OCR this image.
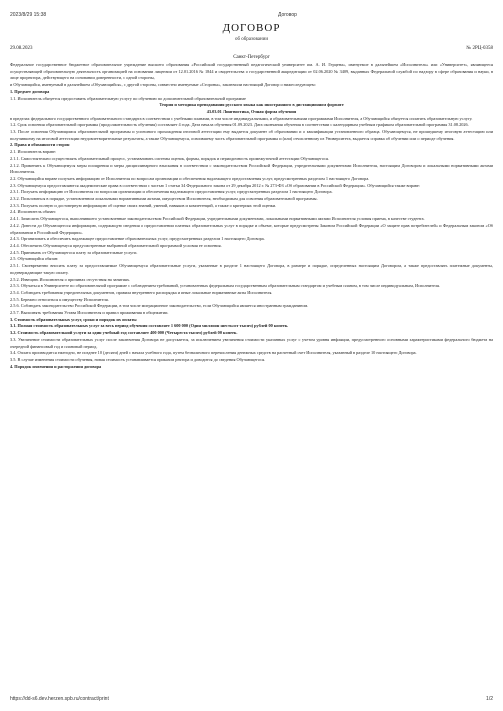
2023/8/29 15:38	Договор
ДОГОВОР
об образовании
29.08.2023	№ 2РЦ-0358
Санкт-Петербург

Федеральное государственное бюджетное образовательное учреждение высшего образования «Российский государственный педагогический университет им. А. И. Герцена», именуемое в дальнейшем «Исполнитель» или «Университет», являющееся осуществляющей образовательную деятельность организацией на основании лицензии от 12.01.2016 № 1844 и свидетельства о государственной аккредитации от 02.06.2020 № 3409, выданных Федеральной службой по надзору в сфере образования и науки, в лице проректора, действующего на основании доверенности, с одной стороны,

и Обучающийся, именуемый в дальнейшем «Обучающийся», с другой стороны, совместно именуемые «Стороны», заключили настоящий Договор о нижеследующем:

1. Предмет договора

1.1. Исполнитель обязуется предоставить образовательную услугу по обучению по дополнительной образовательной программе

Теория и методика преподавания русского языка как иностранного в дистанционном формате

43.03.01 Лингвистика, Очная форма обучения

в пределах федерального государственного образовательного стандарта в соответствии с учебными планами, в том числе индивидуальными, и образовательными программами Исполнителя, а Обучающийся обязуется оплатить образовательную услугу.

1.2. Срок освоения образовательной программы (продолжительность обучения) составляет 4 года. Дата начала обучения 01.09.2023. Дата окончания обучения в соответствии с календарным учебным графиком образовательной программы 31.08.2026.

1.3. После освоения Обучающимся образовательной программы и успешного прохождения итоговой аттестации ему выдается документ об образовании и о квалификации установленного образца. Обучающемуся, не прошедшему итоговую аттестацию или получившему на итоговой аттестации неудовлетворительные результаты, а также Обучающемуся, освоившему часть образовательной программы и (или) отчисленному из Университета, выдается справка об обучении или о периоде обучения.

2. Права и обязанности сторон

2.1. Исполнитель вправе:

2.1.1. Самостоятельно осуществлять образовательный процесс, устанавливать системы оценок, формы, порядок и периодичность промежуточной аттестации Обучающегося.

2.1.2. Применять к Обучающемуся меры поощрения и меры дисциплинарного взыскания в соответствии с законодательством Российской Федерации, учредительными документами Исполнителя, настоящим Договором и локальными нормативными актами Исполнителя.

2.2. Обучающийся вправе получать информацию от Исполнителя по вопросам организации и обеспечения надлежащего предоставления услуг, предусмотренных разделом 1 настоящего Договора.

2.3. Обучающемуся предоставляются академические права в соответствии с частью 1 статьи 34 Федерального закона от 29 декабря 2012 г. № 273-ФЗ «Об образовании в Российской Федерации». Обучающийся также вправе:

2.3.1. Получать информацию от Исполнителя по вопросам организации и обеспечения надлежащего предоставления услуг, предусмотренных разделом 1 настоящего Договора.

2.3.2. Пользоваться в порядке, установленном локальными нормативными актами, имуществом Исполнителя, необходимым для освоения образовательной программы.

2.3.3. Получать полную и достоверную информацию об оценке своих знаний, умений, навыков и компетенций, а также о критериях этой оценки.

2.4. Исполнитель обязан:

2.4.1. Зачислить Обучающегося, выполнившего установленные законодательством Российской Федерации, учредительными документами, локальными нормативными актами Исполнителя условия приема, в качестве студента.

2.4.2. Довести до Обучающегося информацию, содержащую сведения о предоставлении платных образовательных услуг в порядке и объеме, которые предусмотрены Законом Российской Федерации «О защите прав потребителей» и Федеральным законом «Об образовании в Российской Федерации».

2.4.3. Организовать и обеспечить надлежащее предоставление образовательных услуг, предусмотренных разделом 1 настоящего Договора.

2.4.4. Обеспечить Обучающемуся предусмотренные выбранной образовательной программой условия ее освоения.

2.4.5. Принимать от Обучающегося плату за образовательные услуги.

2.5. Обучающийся обязан:

2.5.1. Своевременно вносить плату за предоставляемые Обучающемуся образовательные услуги, указанные в разделе 1 настоящего Договора, в размере и порядке, определенных настоящим Договором, а также предоставлять платежные документы, подтверждающие такую оплату.

2.5.2. Извещать Исполнителя о причинах отсутствия на занятиях.

2.5.3. Обучаться в Университете по образовательной программе с соблюдением требований, установленных федеральным государственным образовательным стандартом и учебным планом, в том числе индивидуальным, Исполнителя.

2.5.4. Соблюдать требования учредительных документов, правила внутреннего распорядка и иные локальные нормативные акты Исполнителя.

2.5.5. Бережно относиться к имуществу Исполнителя.

2.5.6. Соблюдать законодательство Российской Федерации, в том числе миграционное законодательство, если Обучающийся является иностранным гражданином.

2.5.7. Выполнять требования Устава Исполнителя и правил проживания в общежитии.

3. Стоимость образовательных услуг, сроки и порядок их оплаты

3.1. Полная стоимость образовательных услуг за весь период обучения составляет 1 600 000 (Один миллион шестьсот тысяч) рублей 00 копеек.

3.2. Стоимость образовательной услуги за один учебный год составляет 400 000 (Четыреста тысяч) рублей 00 копеек.

3.3. Увеличение стоимости образовательных услуг после заключения Договора не допускается, за исключением увеличения стоимости указанных услуг с учетом уровня инфляции, предусмотренного основными характеристиками федерального бюджета на очередной финансовый год и плановый период.

3.4. Оплата производится ежегодно, не позднее 10 (десяти) дней с начала учебного года, путем безналичного перечисления денежных средств на расчетный счет Исполнителя, указанный в разделе 10 настоящего Договора.

3.5. В случае изменения стоимости обучения, новая стоимость устанавливается приказом ректора и доводится до сведения Обучающегося.

4. Порядок изменения и расторжения договора

https://dd-s6.dev.herzen.spb.ru/contract/print	1/2
